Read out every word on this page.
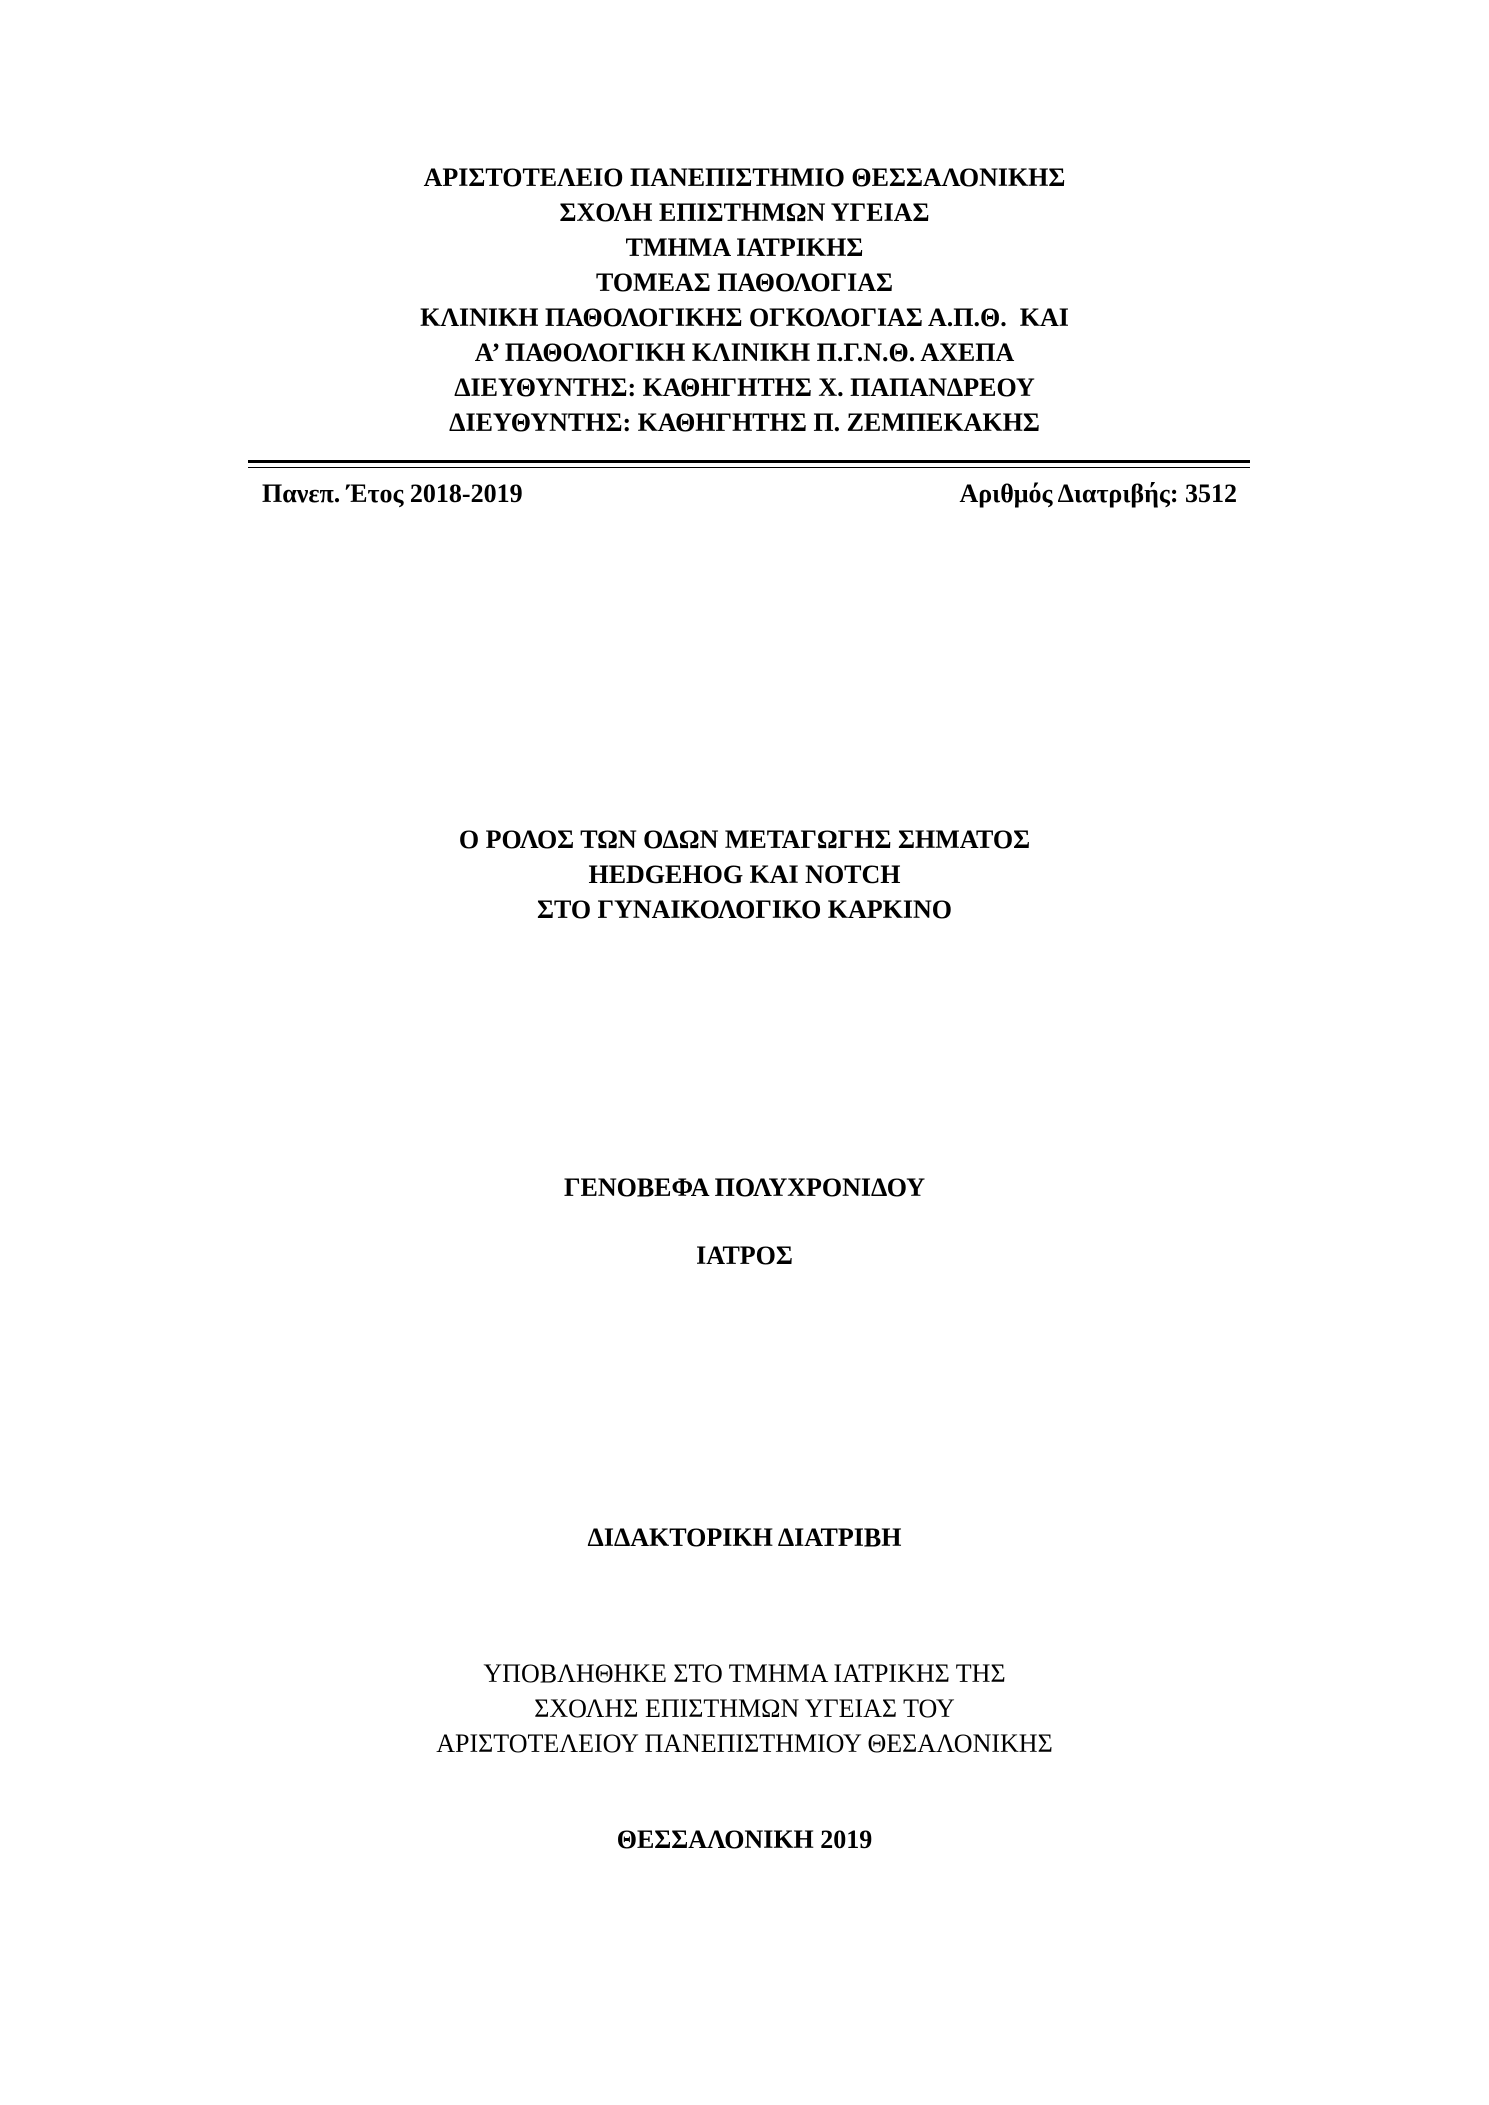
ΑΡΙΣΤΟΤΕΛΕΙΟ ΠΑΝΕΠΙΣΤΗΜΙΟ ΘΕΣΣΑΛΟΝΙΚΗΣ
ΣΧΟΛΗ ΕΠΙΣΤΗΜΩΝ ΥΓΕΙΑΣ
ΤΜΗΜΑ ΙΑΤΡΙΚΗΣ
ΤΟΜΕΑΣ ΠΑΘΟΛΟΓΙΑΣ
ΚΛΙΝΙΚΗ ΠΑΘΟΛΟΓΙΚΗΣ ΟΓΚΟΛΟΓΙΑΣ Α.Π.Θ.  ΚΑΙ
Α’ ΠΑΘΟΛΟΓΙΚΗ ΚΛΙΝΙΚΗ Π.Γ.Ν.Θ. ΑΧΕΠΑ
ΔΙΕΥΘΥΝΤΗΣ: ΚΑΘΗΓΗΤΗΣ Χ. ΠΑΠΑΝΔΡΕΟΥ
ΔΙΕΥΘΥΝΤΗΣ: ΚΑΘΗΓΗΤΗΣ Π. ΖΕΜΠΕΚΑΚΗΣ
Πανεπ. Έτος 2018-2019	Αριθμός Διατριβής: 3512
Ο ΡΟΛΟΣ ΤΩΝ ΟΔΩΝ ΜΕΤΑΓΩΓΗΣ ΣΗΜΑΤΟΣ
HEDGEHOG ΚΑΙ NOTCH
ΣΤΟ ΓΥΝΑΙΚΟΛΟΓΙΚΟ ΚΑΡΚΙΝΟ
ΓΕΝΟΒΕΦΑ ΠΟΛΥΧΡΟΝΙΔΟΥ
ΙΑΤΡΟΣ
ΔΙΔΑΚΤΟΡΙΚΗ ΔΙΑΤΡΙΒΗ
ΥΠΟΒΛΗΘΗΚΕ ΣΤΟ ΤΜΗΜΑ ΙΑΤΡΙΚΗΣ ΤΗΣ
ΣΧΟΛΗΣ ΕΠΙΣΤΗΜΩΝ ΥΓΕΙΑΣ ΤΟΥ
ΑΡΙΣΤΟΤΕΛΕΙΟΥ ΠΑΝΕΠΙΣΤΗΜΙΟΥ ΘΕΣΑΛΟΝΙΚΗΣ
ΘΕΣΣΑΛΟΝΙΚΗ 2019
